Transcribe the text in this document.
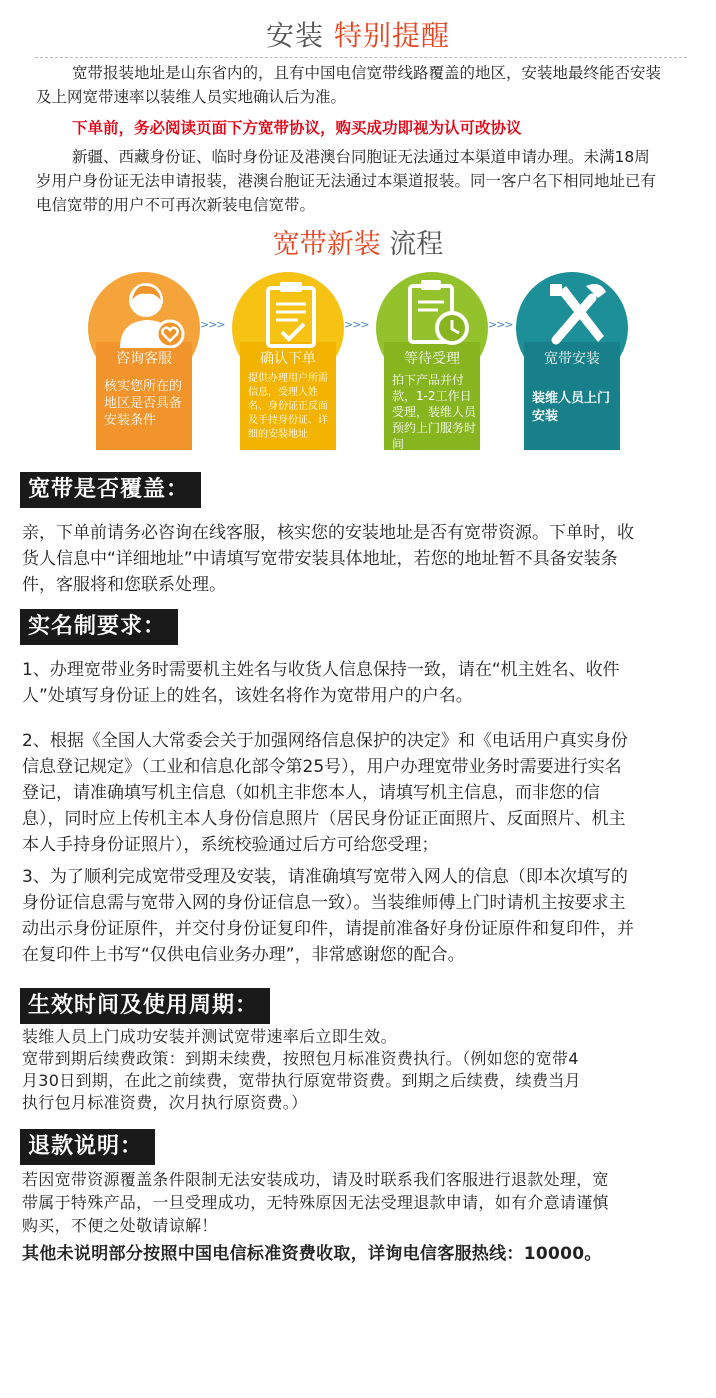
安装 特别提醒
宽带报装地址是山东省内的，且有中国电信宽带线路覆盖的地区，安装地最终能否安装
及上网宽带速率以装维人员实地确认后为准。
下单前，务必阅读页面下方宽带协议，购买成功即视为认可改协议
新疆、西藏身份证、临时身份证及港澳台同胞证无法通过本渠道申请办理。未满18周
岁用户身份证无法申请报装，港澳台胞证无法通过本渠道报装。同一客户名下相同地址已有
电信宽带的用户不可再次新装电信宽带。
宽带新装 流程
咨询客服
核实您所在的地区是否具备安装条件
>>>
确认下单
提供办理用户所需信息，受理人姓名、身份证正反面及手持身份证、详细的安装地址
>>>
等待受理
拍下产品并付款，1-2工作日受理，装维人员预约上门服务时间
>>>
宽带安装
装维人员上门安装
宽带是否覆盖：
亲，下单前请务必咨询在线客服，核实您的安装地址是否有宽带资源。下单时，收
货人信息中“详细地址”中请填写宽带安装具体地址，若您的地址暂不具备安装条
件，客服将和您联系处理。
实名制要求：
1、办理宽带业务时需要机主姓名与收货人信息保持一致，请在“机主姓名、收件
人”处填写身份证上的姓名，该姓名将作为宽带用户的户名。
2、根据《全国人大常委会关于加强网络信息保护的决定》和《电话用户真实身份
信息登记规定》（工业和信息化部令第25号），用户办理宽带业务时需要进行实名
登记，请准确填写机主信息（如机主非您本人，请填写机主信息，而非您的信
息），同时应上传机主本人身份信息照片（居民身份证正面照片、反面照片、机主
本人手持身份证照片），系统校验通过后方可给您受理；
3、为了顺利完成宽带受理及安装，请准确填写宽带入网人的信息（即本次填写的
身份证信息需与宽带入网的身份证信息一致）。当装维师傅上门时请机主按要求主
动出示身份证原件，并交付身份证复印件，请提前准备好身份证原件和复印件，并
在复印件上书写“仅供电信业务办理”，非常感谢您的配合。
生效时间及使用周期：
装维人员上门成功安装并测试宽带速率后立即生效。
宽带到期后续费政策：到期未续费，按照包月标准资费执行。（例如您的宽带4
月30日到期，在此之前续费，宽带执行原宽带资费。到期之后续费，续费当月
执行包月标准资费，次月执行原资费。）
退款说明：
若因宽带资源覆盖条件限制无法安装成功，请及时联系我们客服进行退款处理，宽
带属于特殊产品，一旦受理成功，无特殊原因无法受理退款申请，如有介意请谨慎
购买，不便之处敬请谅解！
其他未说明部分按照中国电信标准资费收取，详询电信客服热线：10000。
